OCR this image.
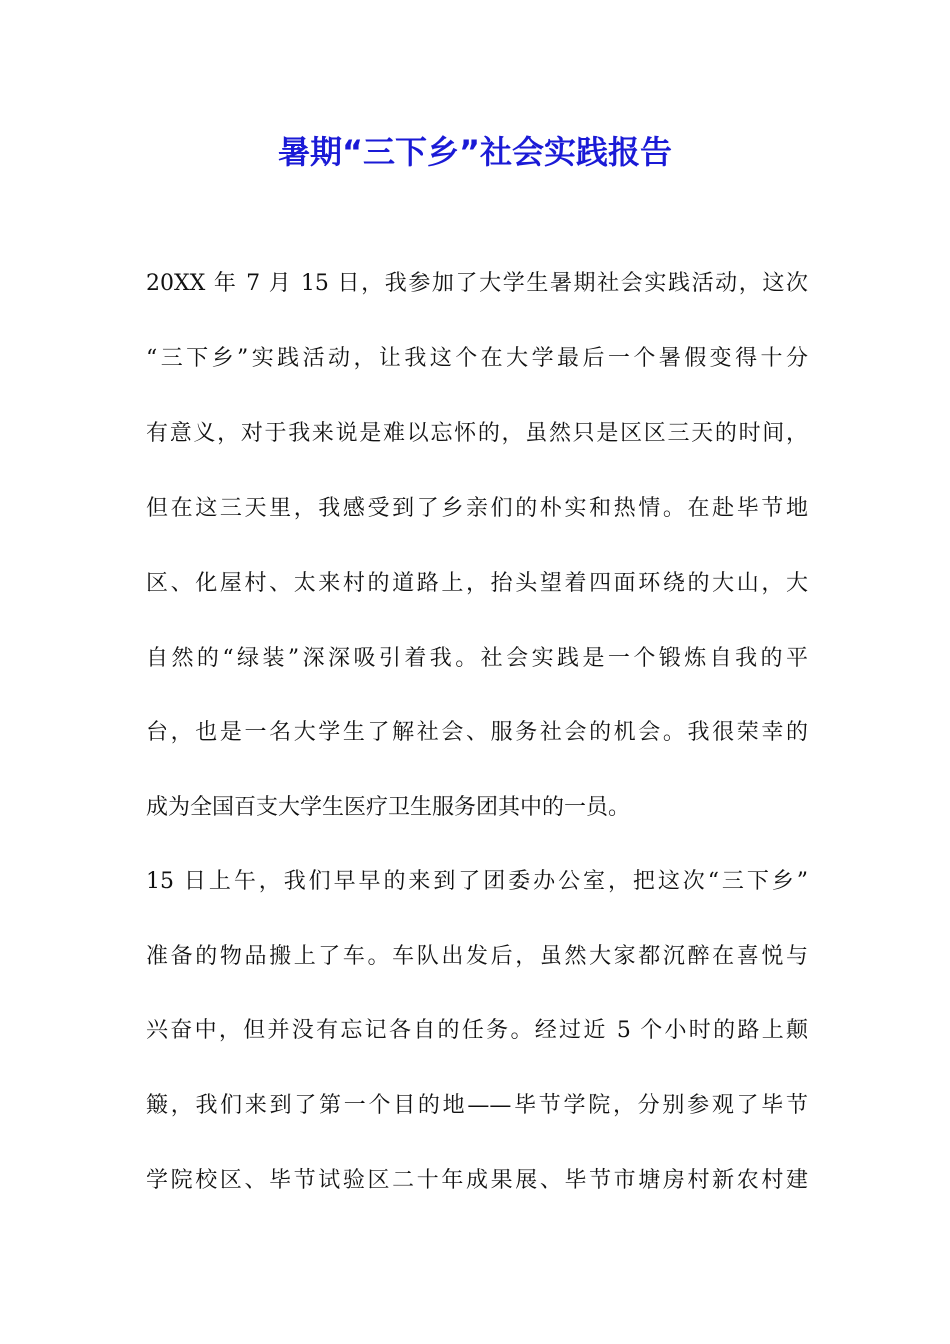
暑期“三下乡”社会实践报告
20XX 年 7 月 15 日，我参加了大学生暑期社会实践活动，这次
“三下乡”实践活动，让我这个在大学最后一个暑假变得十分
有意义，对于我来说是难以忘怀的，虽然只是区区三天的时间，
但在这三天里，我感受到了乡亲们的朴实和热情。在赴毕节地
区、化屋村、太来村的道路上，抬头望着四面环绕的大山，大
自然的“绿装”深深吸引着我。社会实践是一个锻炼自我的平
台，也是一名大学生了解社会、服务社会的机会。我很荣幸的
成为全国百支大学生医疗卫生服务团其中的一员。
15 日上午，我们早早的来到了团委办公室，把这次“三下乡”
准备的物品搬上了车。车队出发后，虽然大家都沉醉在喜悦与
兴奋中，但并没有忘记各自的任务。经过近 5 个小时的路上颠
簸，我们来到了第一个目的地——毕节学院，分别参观了毕节
学院校区、毕节试验区二十年成果展、毕节市塘房村新农村建
